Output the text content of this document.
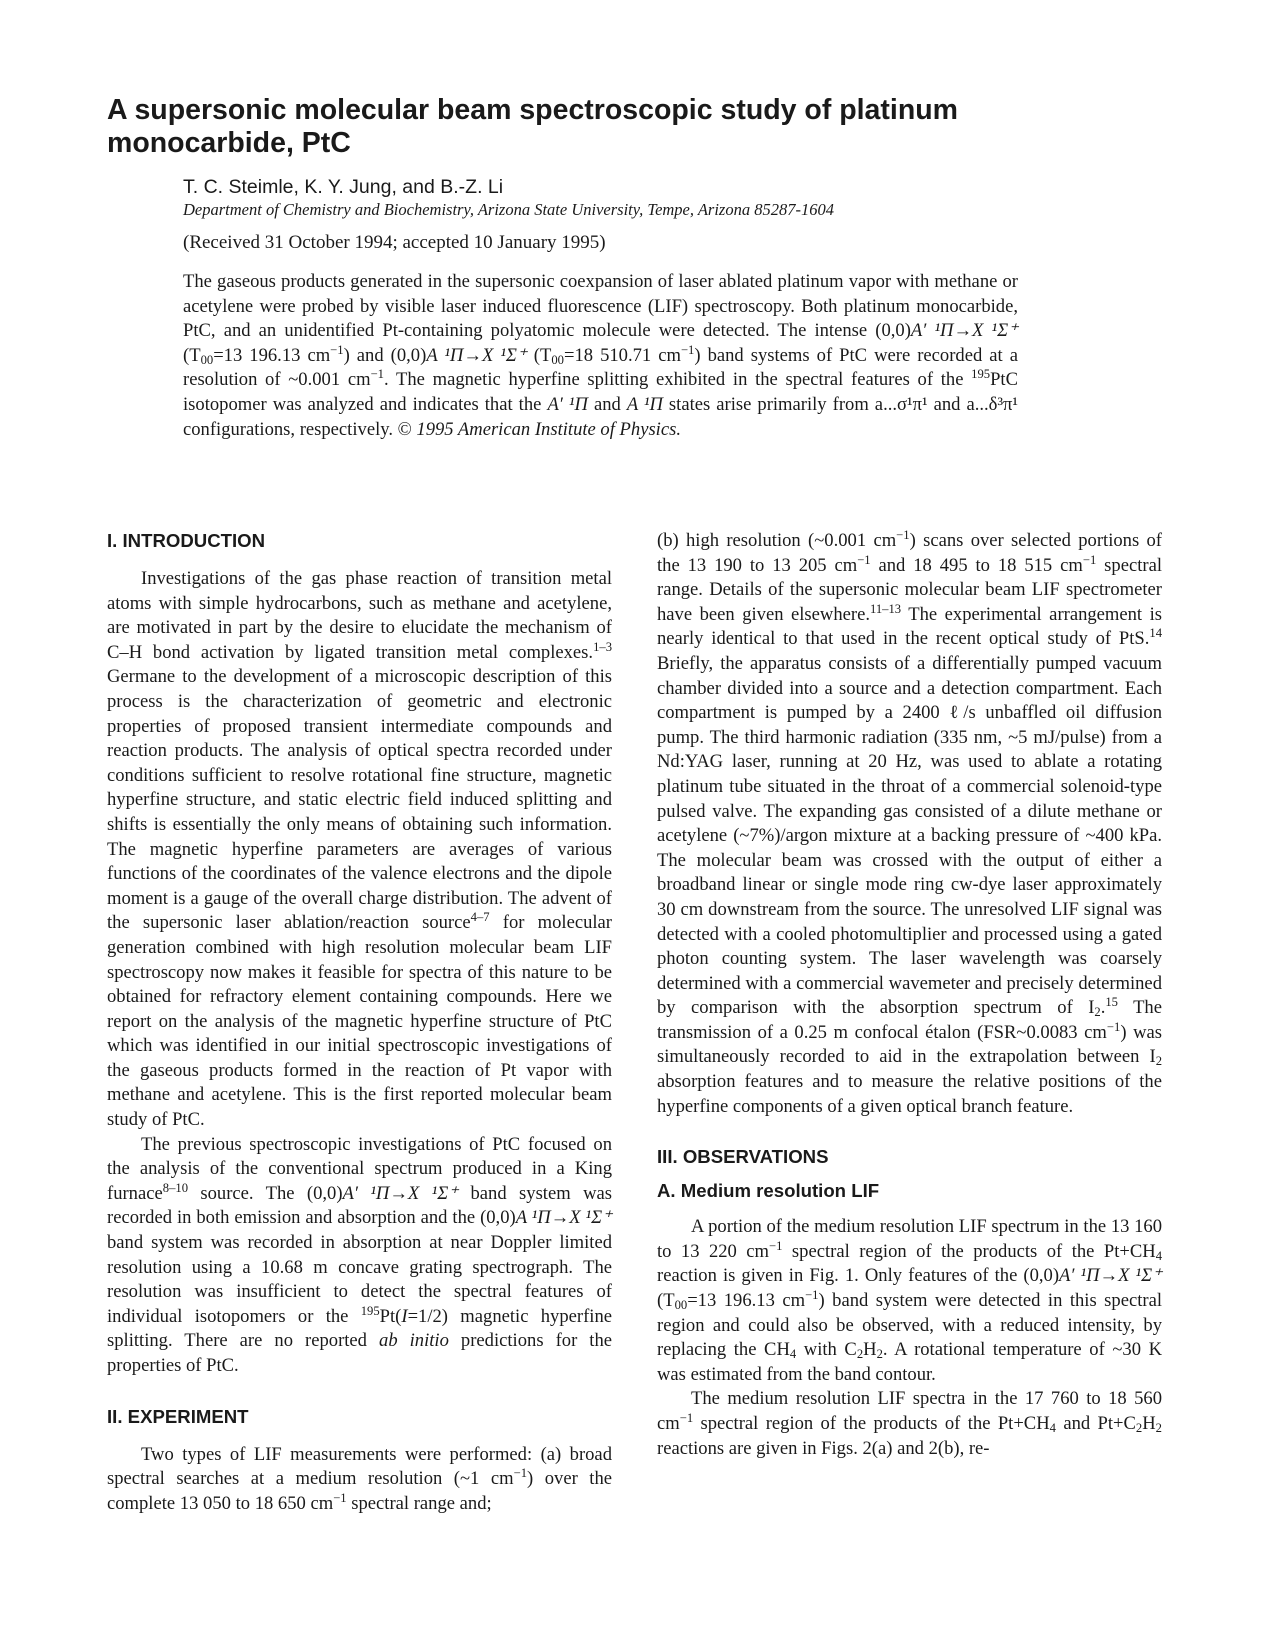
A supersonic molecular beam spectroscopic study of platinum monocarbide, PtC
T. C. Steimle, K. Y. Jung, and B.-Z. Li
Department of Chemistry and Biochemistry, Arizona State University, Tempe, Arizona 85287-1604
(Received 31 October 1994; accepted 10 January 1995)

The gaseous products generated in the supersonic coexpansion of laser ablated platinum vapor with methane or acetylene were probed by visible laser induced fluorescence (LIF) spectroscopy. Both platinum monocarbide, PtC, and an unidentified Pt-containing polyatomic molecule were detected. The intense (0,0)A′ ¹Π→X ¹Σ⁺ ($T_{00}=13$ 196.13 $cm^{-1}$) and (0,0)A ¹Π→X ¹Σ⁺ ($T_{00}=18$ 510.71 $cm^{-1}$) band systems of PtC were recorded at a resolution of ~0.001 $cm^{-1}$. The magnetic hyperfine splitting exhibited in the spectral features of the $^{195}$PtC isotopomer was analyzed and indicates that the A′ ¹Π and A ¹Π states arise primarily from a...σ¹π¹ and a...δ³π¹ configurations, respectively. © 1995 American Institute of Physics.

I. INTRODUCTION

Investigations of the gas phase reaction of transition metal atoms with simple hydrocarbons, such as methane and acetylene, are motivated in part by the desire to elucidate the mechanism of C–H bond activation by ligated transition metal complexes.$^{1-3}$ Germane to the development of a microscopic description of this process is the characterization of geometric and electronic properties of proposed transient intermediate compounds and reaction products. The analysis of optical spectra recorded under conditions sufficient to resolve rotational fine structure, magnetic hyperfine structure, and static electric field induced splitting and shifts is essentially the only means of obtaining such information. The magnetic hyperfine parameters are averages of various functions of the coordinates of the valence electrons and the dipole moment is a gauge of the overall charge distribution. The advent of the supersonic laser ablation/reaction source$^{4-7}$ for molecular generation combined with high resolution molecular beam LIF spectroscopy now makes it feasible for spectra of this nature to be obtained for refractory element containing compounds. Here we report on the analysis of the magnetic hyperfine structure of PtC which was identified in our initial spectroscopic investigations of the gaseous products formed in the reaction of Pt vapor with methane and acetylene. This is the first reported molecular beam study of PtC.

The previous spectroscopic investigations of PtC focused on the analysis of the conventional spectrum produced in a King furnace$^{8-10}$ source. The (0,0)A′ ¹Π→X ¹Σ⁺ band system was recorded in both emission and absorption and the (0,0)A ¹Π→X ¹Σ⁺ band system was recorded in absorption at near Doppler limited resolution using a 10.68 m concave grating spectrograph. The resolution was insufficient to detect the spectral features of individual isotopomers or the $^{195}$Pt(I=1/2) magnetic hyperfine splitting. There are no reported ab initio predictions for the properties of PtC.

II. EXPERIMENT

Two types of LIF measurements were performed: (a) broad spectral searches at a medium resolution (~1 $cm^{-1}$) over the complete 13 050 to 18 650 $cm^{-1}$ spectral range and;

(b) high resolution (~0.001 $cm^{-1}$) scans over selected portions of the 13 190 to 13 205 $cm^{-1}$ and 18 495 to 18 515 $cm^{-1}$ spectral range. Details of the supersonic molecular beam LIF spectrometer have been given elsewhere.$^{11-13}$ The experimental arrangement is nearly identical to that used in the recent optical study of PtS.$^{14}$ Briefly, the apparatus consists of a differentially pumped vacuum chamber divided into a source and a detection compartment. Each compartment is pumped by a 2400 ℓ/s unbaffled oil diffusion pump. The third harmonic radiation (335 nm, ~5 mJ/pulse) from a Nd:YAG laser, running at 20 Hz, was used to ablate a rotating platinum tube situated in the throat of a commercial solenoid-type pulsed valve. The expanding gas consisted of a dilute methane or acetylene (~7%)/argon mixture at a backing pressure of ~400 kPa. The molecular beam was crossed with the output of either a broadband linear or single mode ring cw-dye laser approximately 30 cm downstream from the source. The unresolved LIF signal was detected with a cooled photomultiplier and processed using a gated photon counting system. The laser wavelength was coarsely determined with a commercial wavemeter and precisely determined by comparison with the absorption spectrum of $I_2.^{15}$ The transmission of a 0.25 m confocal étalon (FSR~0.0083 $cm^{-1}$) was simultaneously recorded to aid in the extrapolation between $I_2$ absorption features and to measure the relative positions of the hyperfine components of a given optical branch feature.

III. OBSERVATIONS
A. Medium resolution LIF

A portion of the medium resolution LIF spectrum in the 13 160 to 13 220 $cm^{-1}$ spectral region of the products of the $Pt+CH_4$ reaction is given in Fig. 1. Only features of the (0,0)A′ ¹Π→X ¹Σ⁺ ($T_{00}=13$ 196.13 $cm^{-1}$) band system were detected in this spectral region and could also be observed, with a reduced intensity, by replacing the $CH_4$ with $C_2H_2$. A rotational temperature of ~30 K was estimated from the band contour.

The medium resolution LIF spectra in the 17 760 to 18 560 $cm^{-1}$ spectral region of the products of the $Pt+CH_4$ and $Pt+C_2H_2$ reactions are given in Figs. 2(a) and 2(b), re-
